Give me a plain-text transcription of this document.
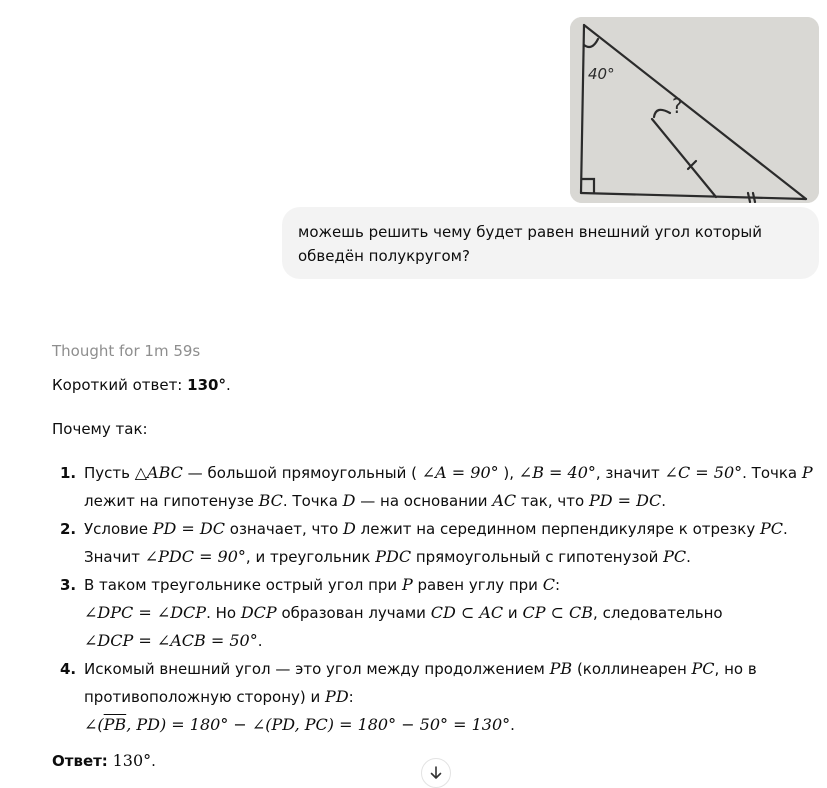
40°
?
можешь решить чему будет равен внешний угол который обведён полукругом?
Thought for 1m 59s
Короткий ответ: 130°.
Почему так:
1. Пусть △ABC — большой прямоугольный ( ∠A = 90° ), ∠B = 40°, значит ∠C = 50°. Точка P лежит на гипотенузе BC. Точка D — на основании AC так, что PD = DC.
2. Условие PD = DC означает, что D лежит на серединном перпендикуляре к отрезку PC. Значит ∠PDC = 90°, и треугольник PDC прямоугольный с гипотенузой PC.
3. В таком треугольнике острый угол при P равен углу при C:
∠DPC = ∠DCP. Но DCP образован лучами CD ⊂ AC и CP ⊂ CB, следовательно
∠DCP = ∠ACB = 50°.
4. Искомый внешний угол — это угол между продолжением PB (коллинеарен PC, но в противоположную сторону) и PD:
$\angle(\overline{PB}$, PD) = 180° − ∠(PD, PC) = 180° − 50° = 130°.
Ответ: 130°.
